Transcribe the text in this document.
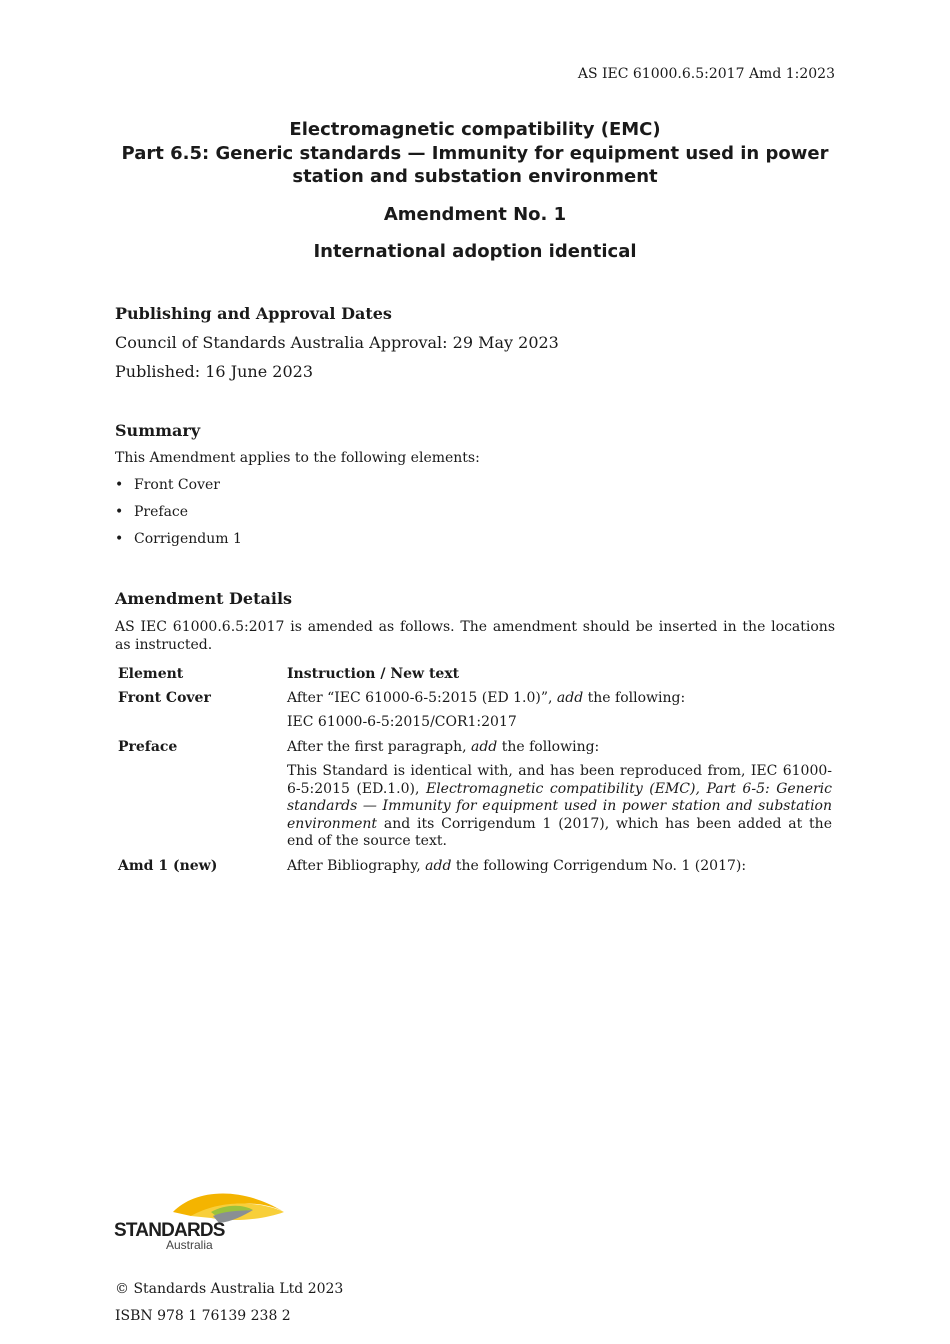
AS IEC 61000.6.5:2017 Amd 1:2023
Electromagnetic compatibility (EMC)
Part 6.5: Generic standards — Immunity for equipment used in power
station and substation environment
Amendment No. 1
International adoption identical
Publishing and Approval Dates
Council of Standards Australia Approval: 29 May 2023
Published: 16 June 2023
Summary
This Amendment applies to the following elements:
• Front Cover
• Preface
• Corrigendum 1
Amendment Details
AS IEC 61000.6.5:2017 is amended as follows. The amendment should be inserted in the locations as instructed.
Element	Instruction / New text
Front Cover	After “IEC 61000-6-5:2015 (ED 1.0)”, add the following:
	IEC 61000-6-5:2015/COR1:2017
Preface	After the first paragraph, add the following:
	This Standard is identical with, and has been reproduced from, IEC 61000-6-5:2015 (ED.1.0), Electromagnetic compatibility (EMC), Part 6-5: Generic standards — Immunity for equipment used in power station and substation environment and its Corrigendum 1 (2017), which has been added at the end of the source text.
Amd 1 (new)	After Bibliography, add the following Corrigendum No. 1 (2017):
STANDARDS
Australia
© Standards Australia Ltd 2023
ISBN 978 1 76139 238 2
